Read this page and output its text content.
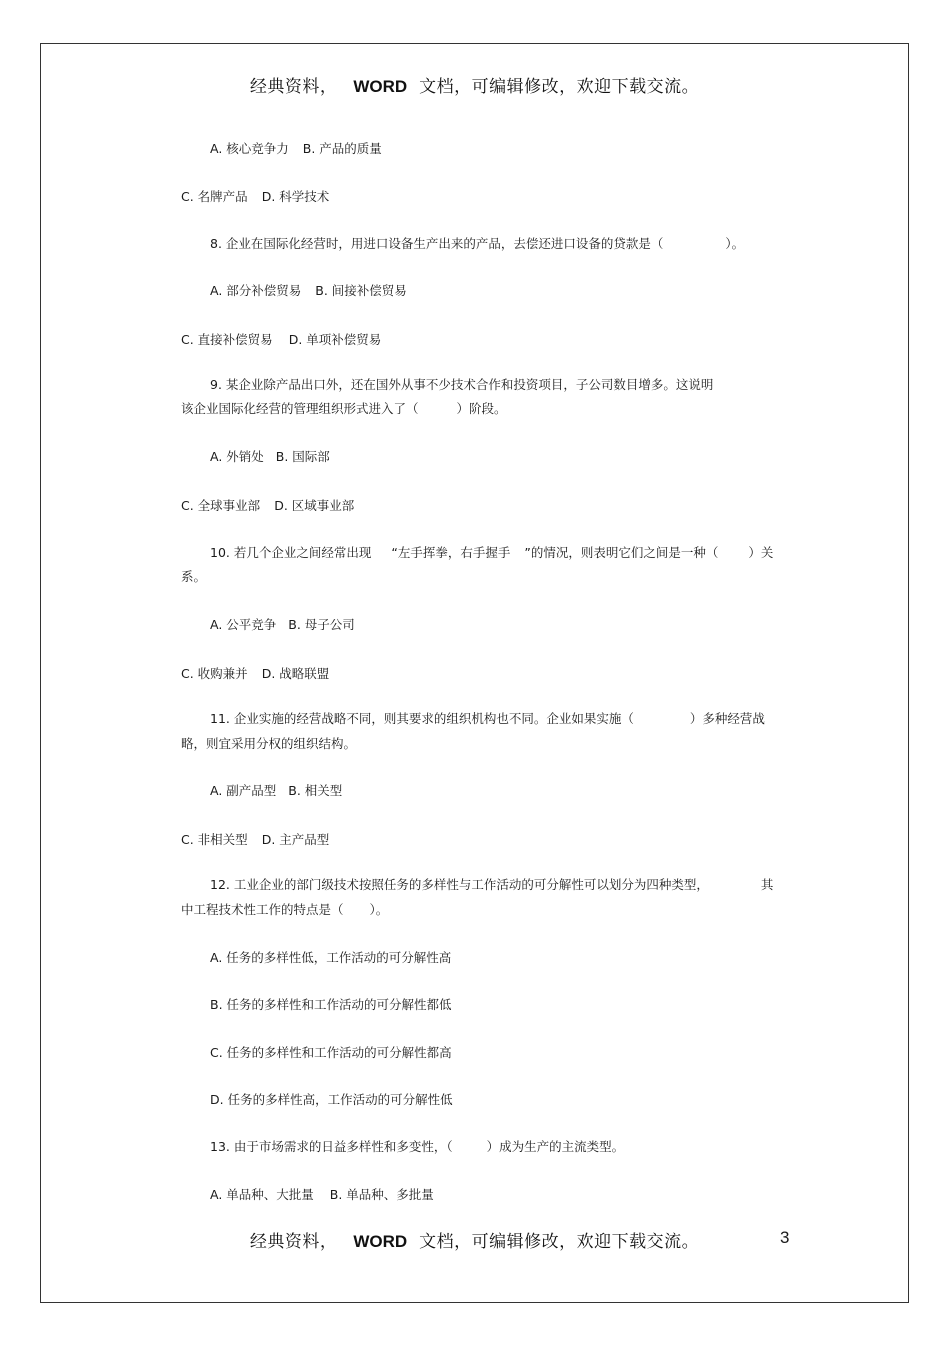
经典资料， WORD 文档，可编辑修改，欢迎下载交流。
A. 核心竞争力 B. 产品的质量
C. 名牌产品 D. 科学技术
8. 企业在国际化经营时，用进口设备生产出来的产品，去偿还进口设备的贷款是（	）。
A. 部分补偿贸易 B. 间接补偿贸易
C. 直接补偿贸易 D. 单项补偿贸易
9. 某企业除产品出口外，还在国外从事不少技术合作和投资项目，子公司数目增多。这说明
该企业国际化经营的管理组织形式进入了（	）阶段。
A. 外销处 B. 国际部
C. 全球事业部 D. 区域事业部
10. 若几个企业之间经常出现 “左手挥拳，右手握手 ”的情况，则表明它们之间是一种（ ）关
系。
A. 公平竞争 B. 母子公司
C. 收购兼并 D. 战略联盟
11. 企业实施的经营战略不同，则其要求的组织机构也不同。企业如果实施（	）多种经营战
略，则宜采用分权的组织结构。
A. 副产品型 B. 相关型
C. 非相关型 D. 主产品型
12. 工业企业的部门级技术按照任务的多样性与工作活动的可分解性可以划分为四种类型，	其
中工程技术性工作的特点是（ ）。
A. 任务的多样性低，工作活动的可分解性高
B. 任务的多样性和工作活动的可分解性都低
C. 任务的多样性和工作活动的可分解性都高
D. 任务的多样性高，工作活动的可分解性低
13. 由于市场需求的日益多样性和多变性，（	）成为生产的主流类型。
A. 单品种、大批量 B. 单品种、多批量
经典资料， WORD 文档，可编辑修改，欢迎下载交流。	3
